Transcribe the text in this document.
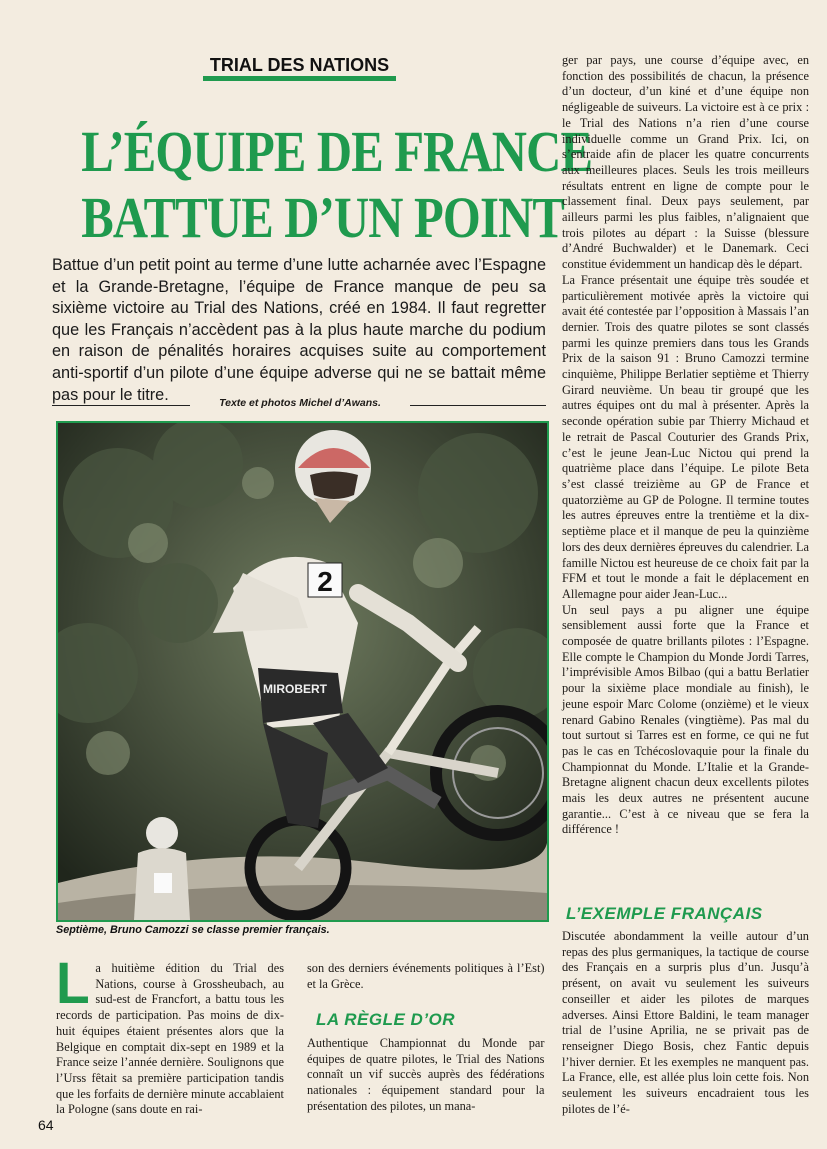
TRIAL DES NATIONS
L’ÉQUIPE DE FRANCE
BATTUE D’UN POINT
Battue d’un petit point au terme d’une lutte acharnée avec l’Espagne et la Grande-Bretagne, l’équipe de France manque de peu sa sixième victoire au Trial des Nations, créé en 1984. Il faut regretter que les Français n’accèdent pas à la plus haute marche du podium en raison de pénalités horaires acquises suite au comportement anti-sportif d’un pilote d’une équipe adverse qui ne se battait même pas pour le titre.	Texte et photos Michel d’Awans.
2
MIROBERT
Septième, Bruno Camozzi se classe premier français.
L a huitième édition du Trial des Nations, course à Grossheubach, au sud-est de Francfort, a battu tous les records de participation. Pas moins de dix-huit équipes étaient présentes alors que la Belgique en comptait dix-sept en 1989 et la France seize l’année dernière. Soulignons que l’Urss fêtait sa première participation tandis que les forfaits de dernière minute accablaient la Pologne (sans doute en rai-

son des derniers événements politiques à l’Est) et la Grèce.

LA RÈGLE D’OR

Authentique Championnat du Monde par équipes de quatre pilotes, le Trial des Nations connaît un vif succès auprès des fédérations nationales : équipement standard pour la présentation des pilotes, un mana-

ger par pays, une course d’équipe avec, en fonction des possibilités de chacun, la présence d’un docteur, d’un kiné et d’une équipe non négligeable de suiveurs. La victoire est à ce prix : le Trial des Nations n’a rien d’une course individuelle comme un Grand Prix. Ici, on s’entraide afin de placer les quatre concurrents aux meilleures places. Seuls les trois meilleurs résultats entrent en ligne de compte pour le classement final. Deux pays seulement, par ailleurs parmi les plus faibles, n’alignaient que trois pilotes au départ : la Suisse (blessure d’André Buchwalder) et le Danemark. Ceci constitue évidemment un handicap dès le départ.

La France présentait une équipe très soudée et particulièrement motivée après la victoire qui avait été contestée par l’opposition à Massais l’an dernier. Trois des quatre pilotes se sont classés parmi les quinze premiers dans tous les Grands Prix de la saison 91 : Bruno Camozzi termine cinquième, Philippe Berlatier septième et Thierry Girard neuvième. Un beau tir groupé que les autres équipes ont du mal à présenter. Après la seconde opération subie par Thierry Michaud et le retrait de Pascal Couturier des Grands Prix, c’est le jeune Jean-Luc Nictou qui prend la quatrième place dans l’équipe. Le pilote Beta s’est classé treizième au GP de France et quatorzième au GP de Pologne. Il termine toutes les autres épreuves entre la trentième et la dix-septième place et il manque de peu la quinzième lors des deux dernières épreuves du calendrier. La famille Nictou est heureuse de ce choix fait par la FFM et tout le monde a fait le déplacement en Allemagne pour aider Jean-Luc...

Un seul pays a pu aligner une équipe sensiblement aussi forte que la France et composée de quatre brillants pilotes : l’Espagne. Elle compte le Champion du Monde Jordi Tarres, l’imprévisible Amos Bilbao (qui a battu Berlatier pour la sixième place mondiale au finish), le jeune espoir Marc Colome (onzième) et le vieux renard Gabino Renales (vingtième). Pas mal du tout surtout si Tarres est en forme, ce qui ne fut pas le cas en Tchécoslovaquie pour la finale du Championnat du Monde. L’Italie et la Grande-Bretagne alignent chacun deux excellents pilotes mais les deux autres ne présentent aucune garantie... C’est à ce niveau que se fera la différence !

L’EXEMPLE FRANÇAIS

Discutée abondamment la veille autour d’un repas des plus germaniques, la tactique de course des Français en a surpris plus d’un. Jusqu’à présent, on avait vu seulement les suiveurs conseiller et aider les pilotes de marques adverses. Ainsi Ettore Baldini, le team manager trial de l’usine Aprilia, ne se privait pas de renseigner Diego Bosis, chez Fantic depuis l’hiver dernier. Et les exemples ne manquent pas. La France, elle, est allée plus loin cette fois. Non seulement les suiveurs encadraient tous les pilotes de l’é-

64
